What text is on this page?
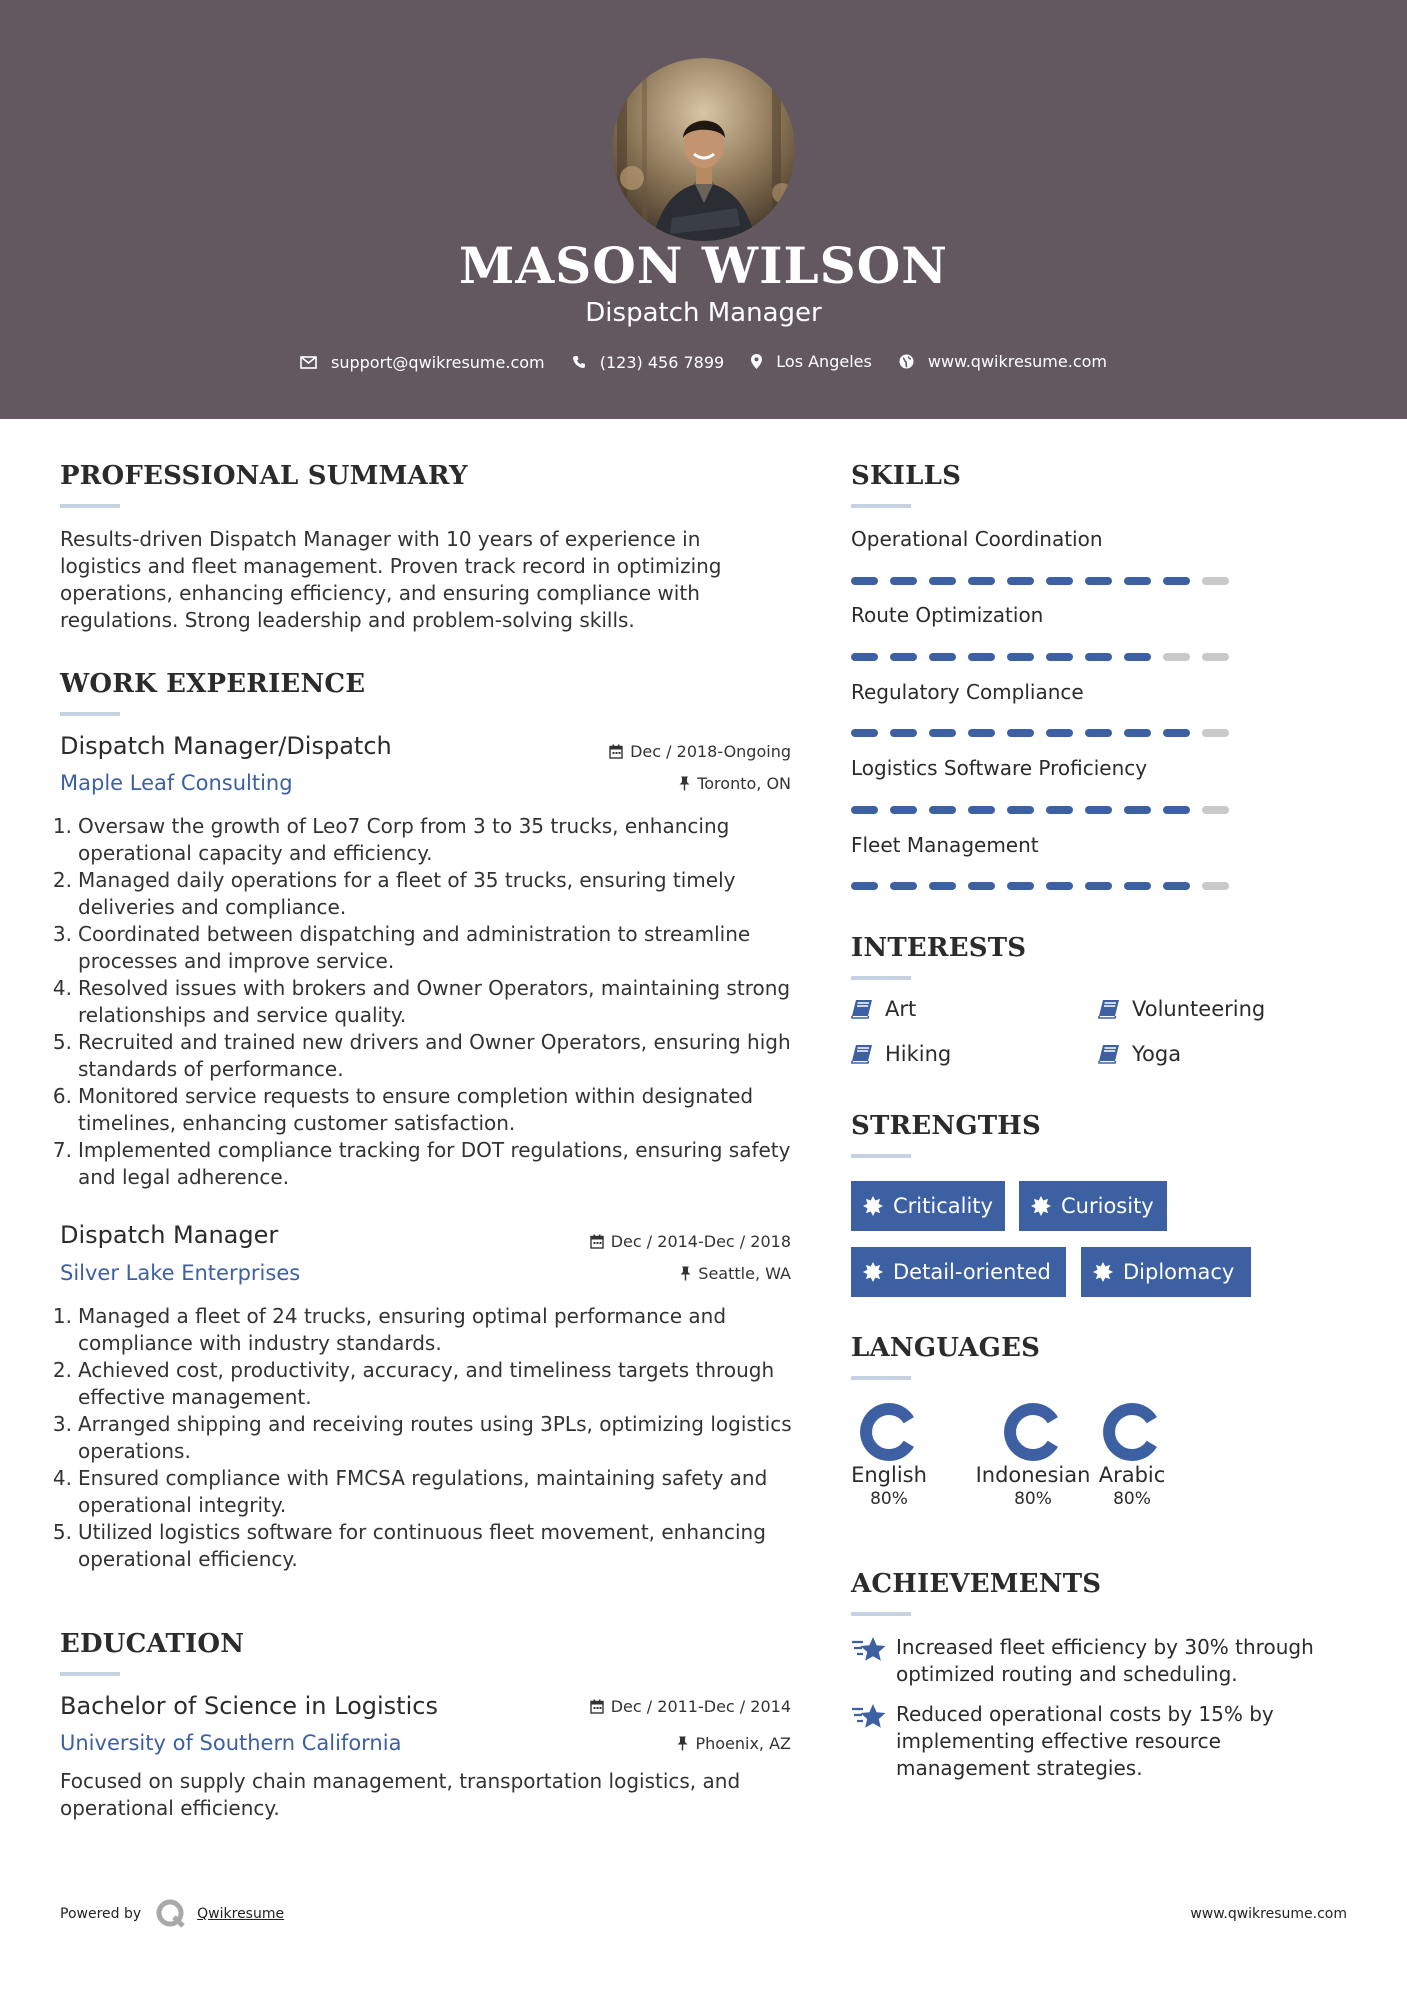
MASON WILSON
Dispatch Manager
support@qwikresume.com
	(123) 456 7899
	Los Angeles
	www.qwikresume.com
PROFESSIONAL SUMMARY
Results-driven Dispatch Manager with 10 years of experience in logistics and fleet management. Proven track record in optimizing operations, enhancing efficiency, and ensuring compliance with regulations. Strong leadership and problem-solving skills.
WORK EXPERIENCE
Dispatch Manager/Dispatch	Dec / 2018-Ongoing
Maple Leaf Consulting	Toronto, ON
1. Oversaw the growth of Leo7 Corp from 3 to 35 trucks, enhancing operational capacity and efficiency.
2. Managed daily operations for a fleet of 35 trucks, ensuring timely deliveries and compliance.
3. Coordinated between dispatching and administration to streamline processes and improve service.
4. Resolved issues with brokers and Owner Operators, maintaining strong relationships and service quality.
5. Recruited and trained new drivers and Owner Operators, ensuring high standards of performance.
6. Monitored service requests to ensure completion within designated timelines, enhancing customer satisfaction.
7. Implemented compliance tracking for DOT regulations, ensuring safety and legal adherence.
Dispatch Manager	Dec / 2014-Dec / 2018
Silver Lake Enterprises	Seattle, WA
1. Managed a fleet of 24 trucks, ensuring optimal performance and compliance with industry standards.
2. Achieved cost, productivity, accuracy, and timeliness targets through effective management.
3. Arranged shipping and receiving routes using 3PLs, optimizing logistics operations.
4. Ensured compliance with FMCSA regulations, maintaining safety and operational integrity.
5. Utilized logistics software for continuous fleet movement, enhancing operational efficiency.
EDUCATION
Bachelor of Science in Logistics	Dec / 2011-Dec / 2014
University of Southern California	Phoenix, AZ
Focused on supply chain management, transportation logistics, and operational efficiency.
SKILLS
Operational Coordination
Route Optimization
Regulatory Compliance
Logistics Software Proficiency
Fleet Management
INTERESTS
Art	Volunteering
Hiking	Yoga
STRENGTHS
Criticality	Curiosity
Detail-oriented	Diplomacy
LANGUAGES
English
80%
Indonesian
80%
Arabic
80%
ACHIEVEMENTS
Increased fleet efficiency by 30% through optimized routing and scheduling.
Reduced operational costs by 15% by implementing effective resource management strategies.
Powered by	Qwikresume	www.qwikresume.com
